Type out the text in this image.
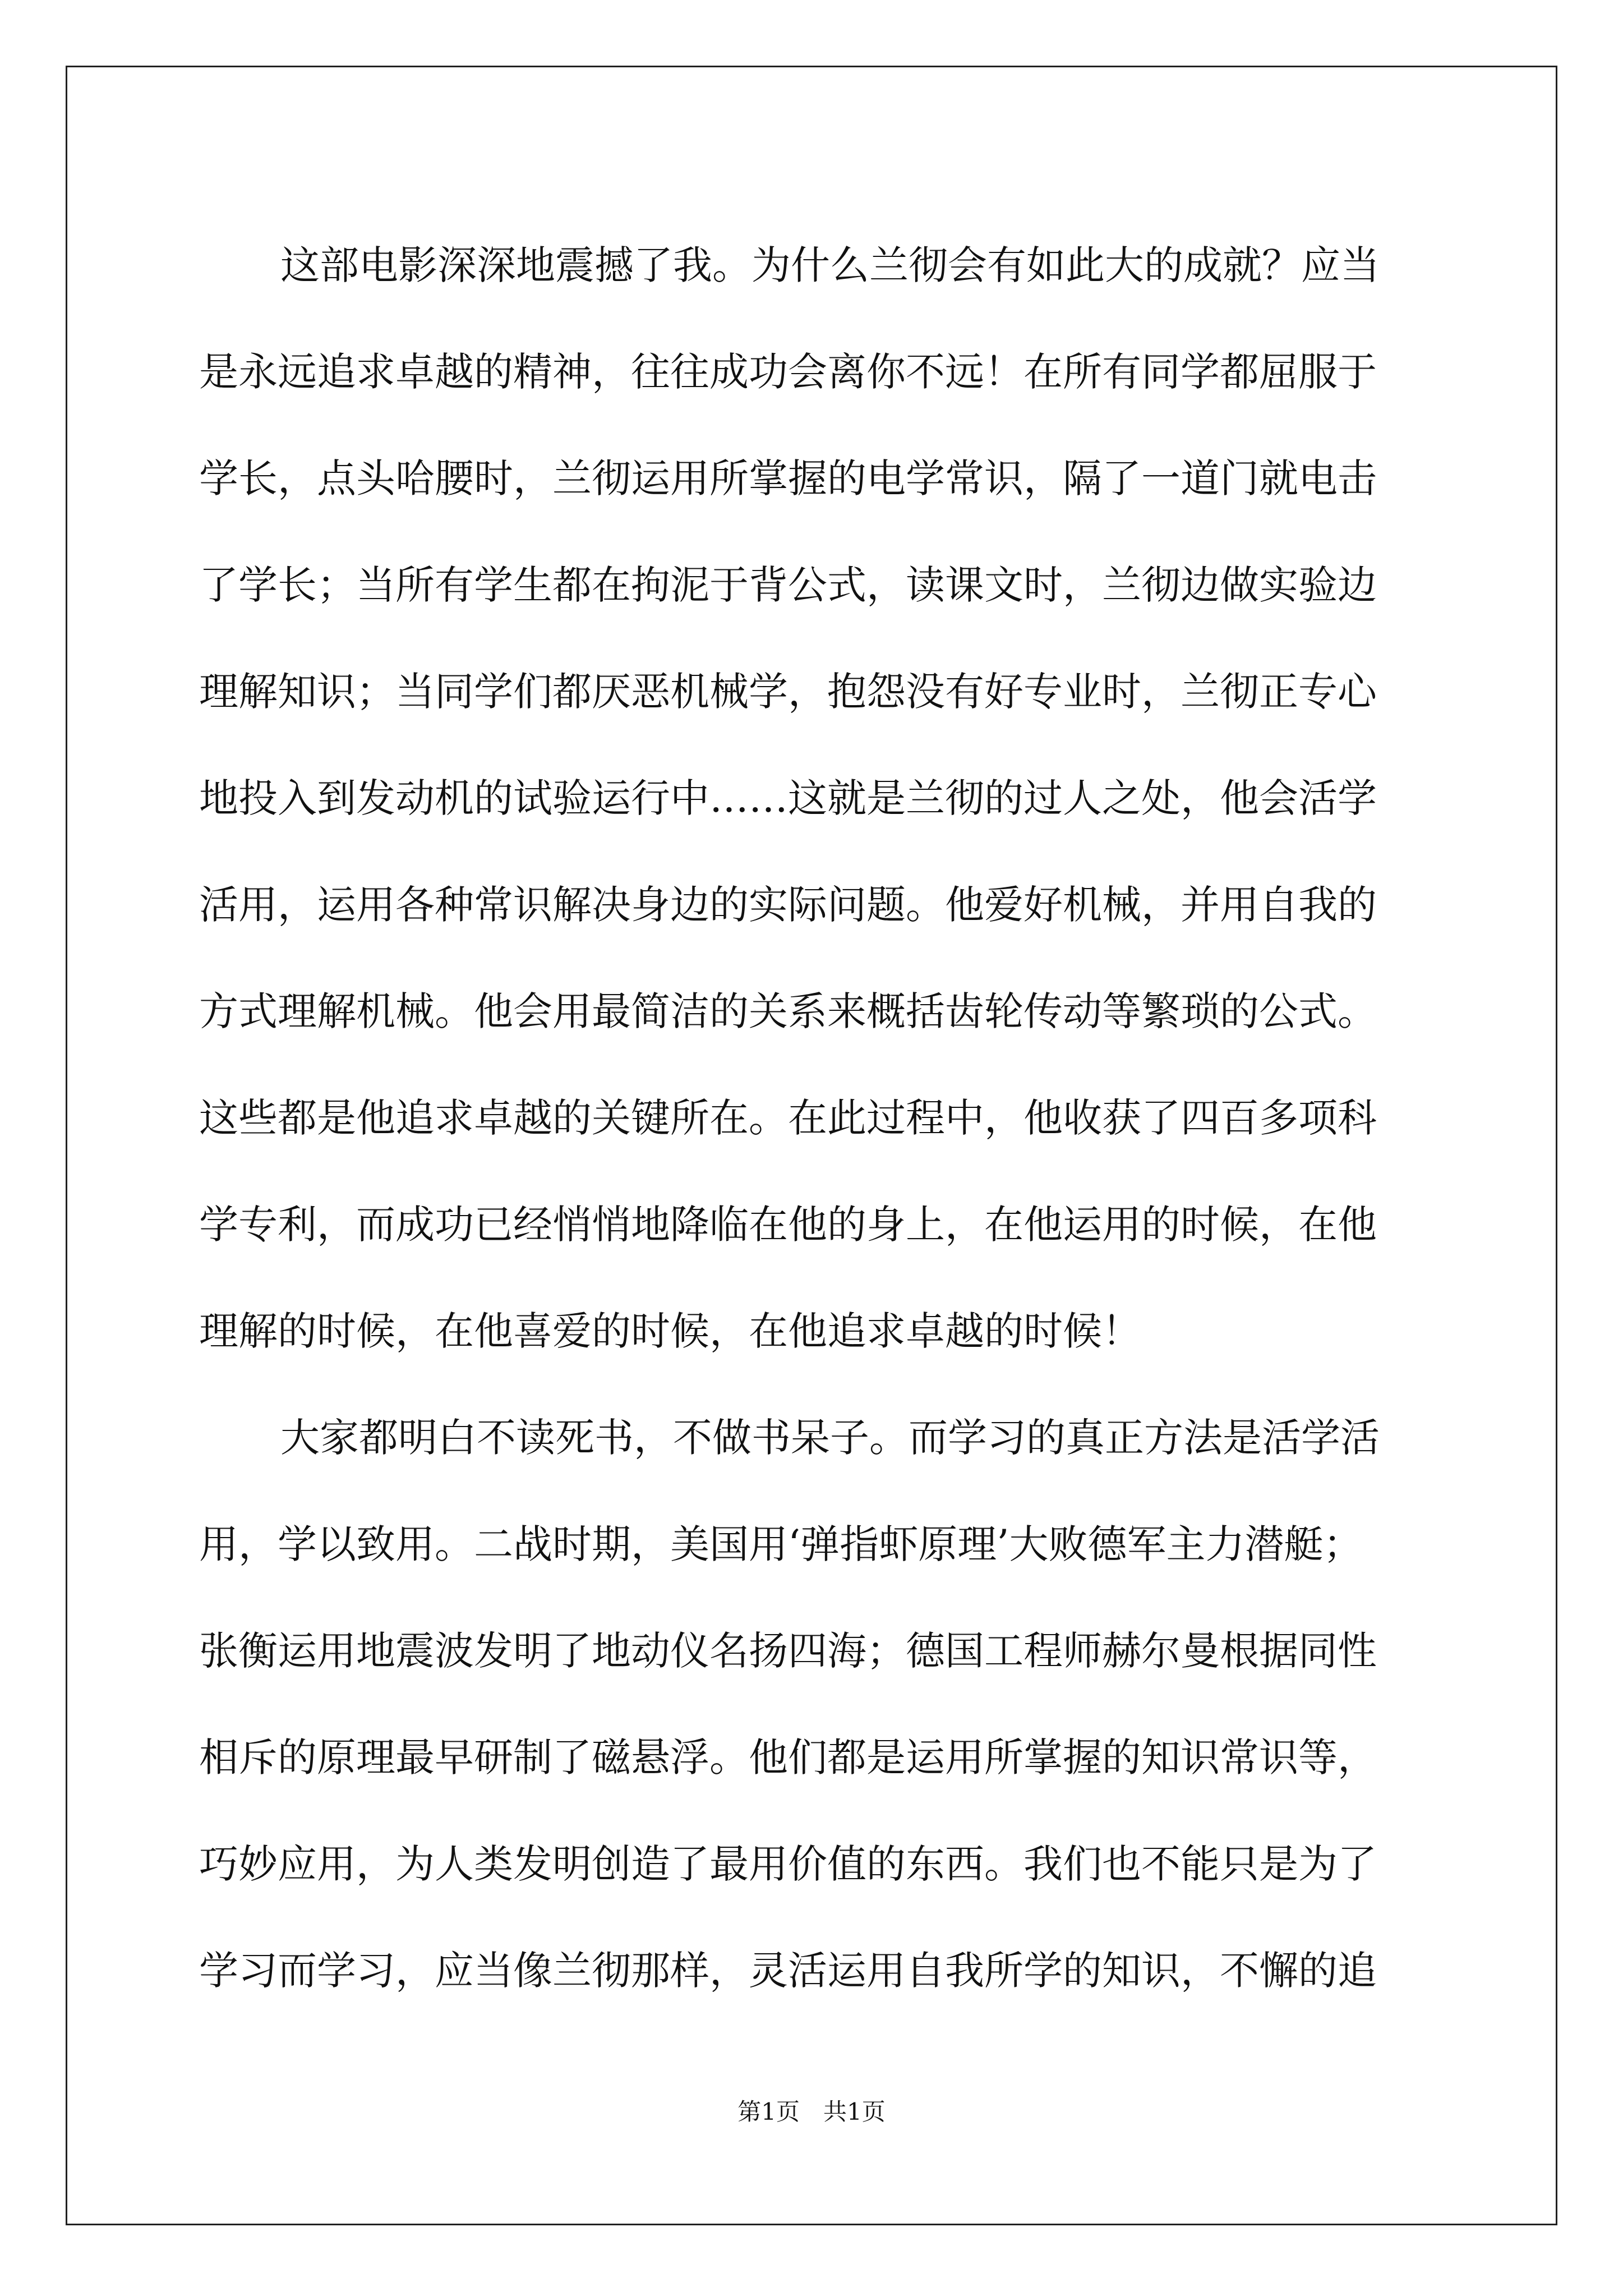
这部电影深深地震撼了我。为什么兰彻会有如此大的成就？应当
是永远追求卓越的精神，往往成功会离你不远！在所有同学都屈服于
学长，点头哈腰时，兰彻运用所掌握的电学常识，隔了一道门就电击
了学长；当所有学生都在拘泥于背公式，读课文时，兰彻边做实验边
理解知识；当同学们都厌恶机械学，抱怨没有好专业时，兰彻正专心
地投入到发动机的试验运行中……这就是兰彻的过人之处，他会活学
活用，运用各种常识解决身边的实际问题。他爱好机械，并用自我的
方式理解机械。他会用最简洁的关系来概括齿轮传动等繁琐的公式。
这些都是他追求卓越的关键所在。在此过程中，他收获了四百多项科
学专利，而成功已经悄悄地降临在他的身上，在他运用的时候，在他
理解的时候，在他喜爱的时候，在他追求卓越的时候！
大家都明白不读死书，不做书呆子。而学习的真正方法是活学活
用，学以致用。二战时期，美国用‘弹指虾原理’大败德军主力潜艇；
张衡运用地震波发明了地动仪名扬四海；德国工程师赫尔曼根据同性
相斥的原理最早研制了磁悬浮。他们都是运用所掌握的知识常识等，
巧妙应用，为人类发明创造了最用价值的东西。我们也不能只是为了
学习而学习，应当像兰彻那样，灵活运用自我所学的知识，不懈的追
第1页　共1页
